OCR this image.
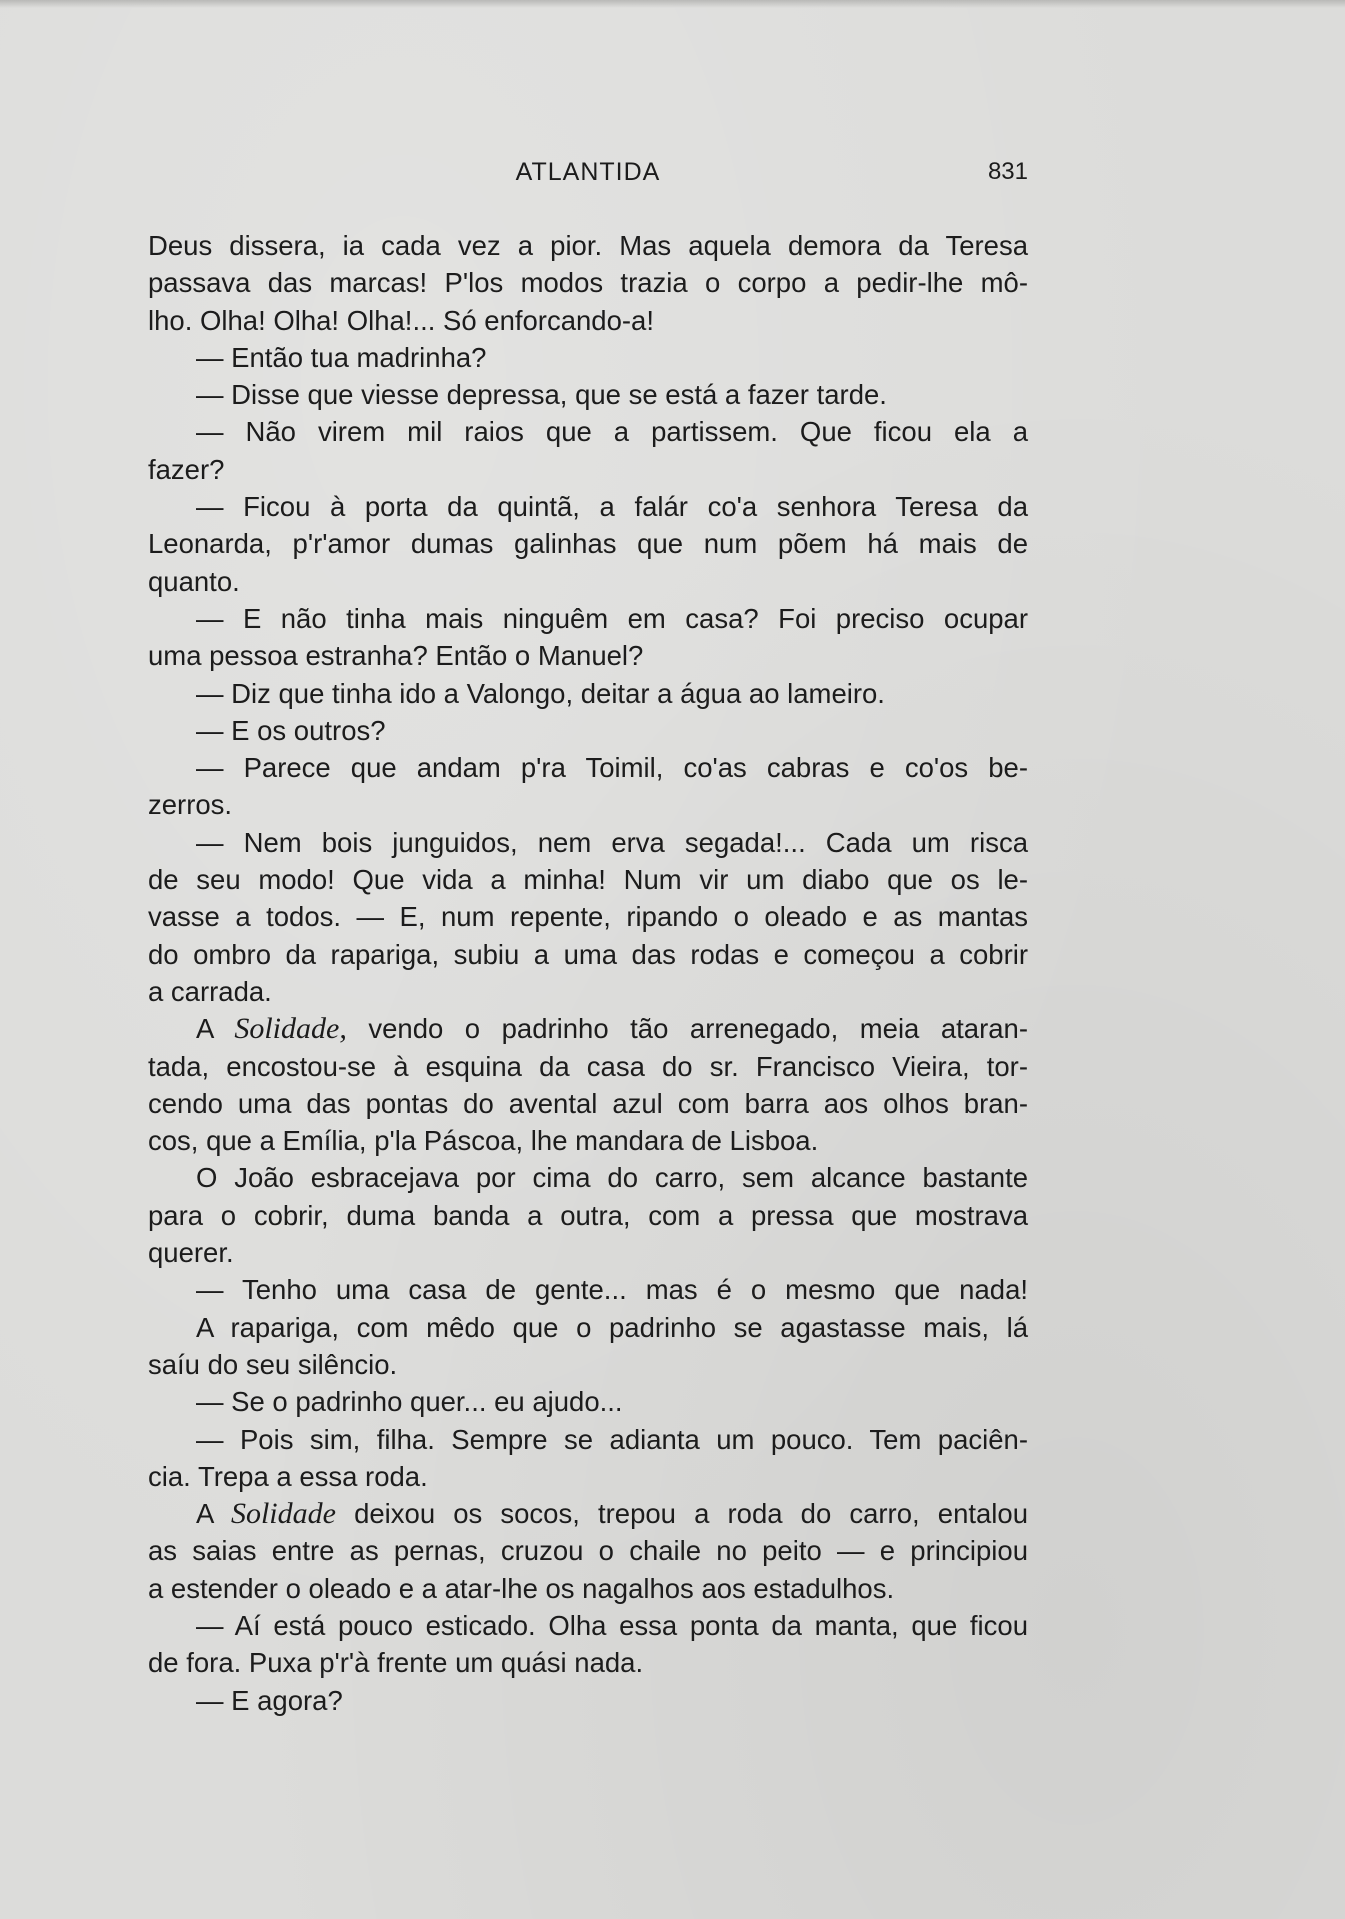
ATLANTIDA	831
Deus dissera, ia cada vez a pior. Mas aquela demora da Teresa
passava das marcas! P'los modos trazia o corpo a pedir-lhe mô-
lho. Olha! Olha! Olha!... Só enforcando-a!
— Então tua madrinha?
— Disse que viesse depressa, que se está a fazer tarde.
— Não virem mil raios que a partissem. Que ficou ela a
fazer?
— Ficou à porta da quintã, a falár co'a senhora Teresa da
Leonarda, p'r'amor dumas galinhas que num põem há mais de
quanto.
— E não tinha mais ninguêm em casa? Foi preciso ocupar
uma pessoa estranha? Então o Manuel?
— Diz que tinha ido a Valongo, deitar a água ao lameiro.
— E os outros?
— Parece que andam p'ra Toimil, co'as cabras e co'os be-
zerros.
— Nem bois junguidos, nem erva segada!... Cada um risca
de seu modo! Que vida a minha! Num vir um diabo que os le-
vasse a todos. — E, num repente, ripando o oleado e as mantas
do ombro da rapariga, subiu a uma das rodas e começou a cobrir
a carrada.
A Solidade, vendo o padrinho tão arrenegado, meia ataran-
tada, encostou-se à esquina da casa do sr. Francisco Vieira, tor-
cendo uma das pontas do avental azul com barra aos olhos bran-
cos, que a Emília, p'la Páscoa, lhe mandara de Lisboa.
O João esbracejava por cima do carro, sem alcance bastante
para o cobrir, duma banda a outra, com a pressa que mostrava
querer.
— Tenho uma casa de gente... mas é o mesmo que nada!
A rapariga, com mêdo que o padrinho se agastasse mais, lá
saíu do seu silêncio.
— Se o padrinho quer... eu ajudo...
— Pois sim, filha. Sempre se adianta um pouco. Tem paciên-
cia. Trepa a essa roda.
A Solidade deixou os socos, trepou a roda do carro, entalou
as saias entre as pernas, cruzou o chaile no peito — e principiou
a estender o oleado e a atar-lhe os nagalhos aos estadulhos.
— Aí está pouco esticado. Olha essa ponta da manta, que ficou
de fora. Puxa p'r'à frente um quási nada.
— E agora?
